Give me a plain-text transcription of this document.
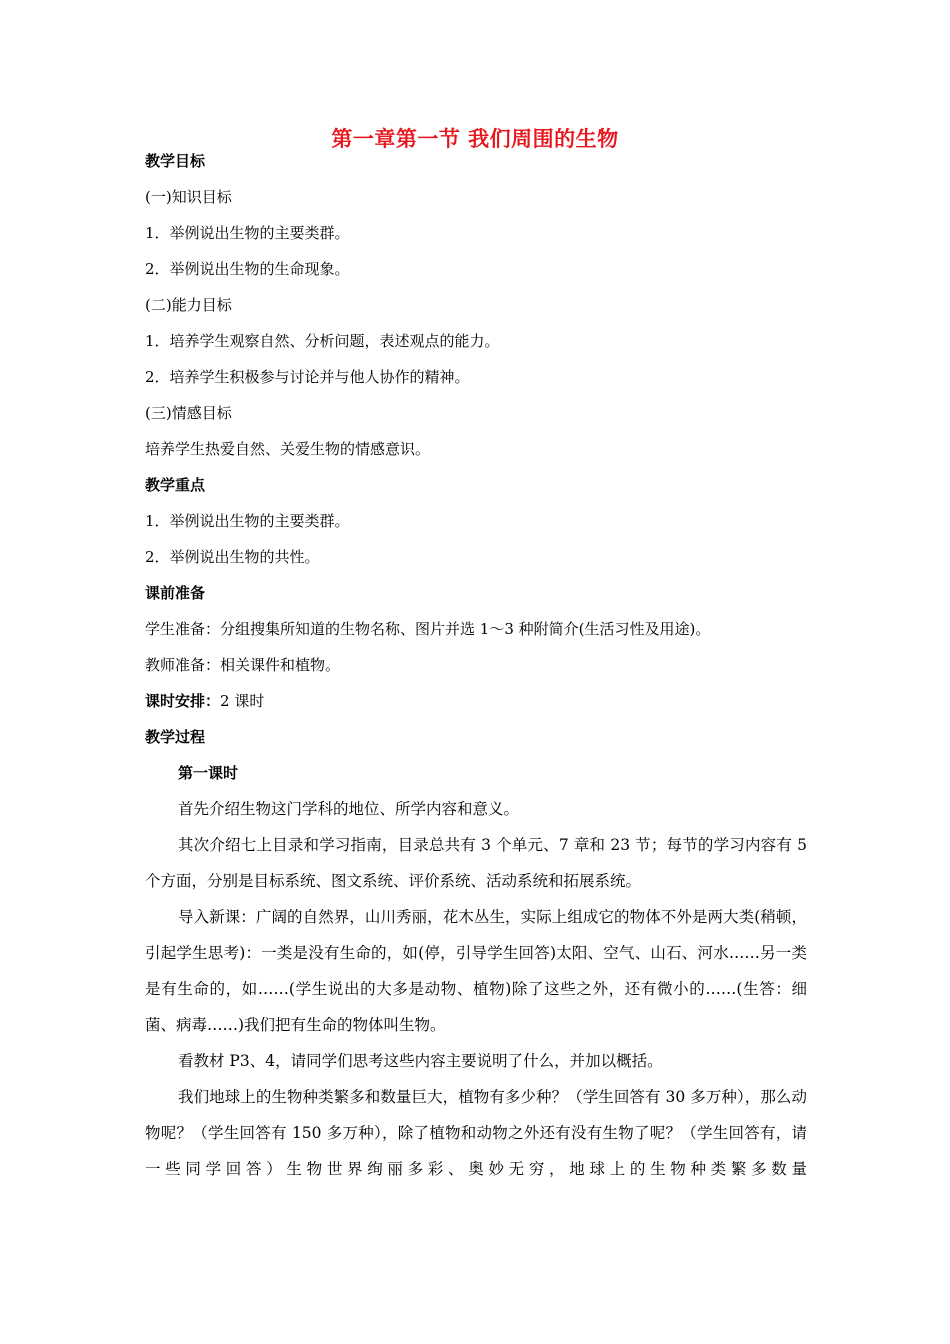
第一章第一节 我们周围的生物
教学目标
(一)知识目标
1．举例说出生物的主要类群。
2．举例说出生物的生命现象。
(二)能力目标
1．培养学生观察自然、分析问题，表述观点的能力。
2．培养学生积极参与讨论并与他人协作的精神。
(三)情感目标
培养学生热爱自然、关爱生物的情感意识。
教学重点
1．举例说出生物的主要类群。
2．举例说出生物的共性。
课前准备
学生准备：分组搜集所知道的生物名称、图片并选 1～3 种附简介(生活习性及用途)。
教师准备：相关课件和植物。
课时安排：2 课时
教学过程
第一课时
首先介绍生物这门学科的地位、所学内容和意义。
其次介绍七上目录和学习指南，目录总共有 3 个单元、7 章和 23 节；每节的学习内容有 5 个方面，分别是目标系统、图文系统、评价系统、活动系统和拓展系统。
导入新课：广阔的自然界，山川秀丽，花木丛生，实际上组成它的物体不外是两大类(稍顿，引起学生思考)：一类是没有生命的，如(停，引导学生回答)太阳、空气、山石、河水……另一类是有生命的，如……(学生说出的大多是动物、植物)除了这些之外，还有微小的……(生答：细菌、病毒……)我们把有生命的物体叫生物。
看教材 P3、4，请同学们思考这些内容主要说明了什么，并加以概括。
我们地球上的生物种类繁多和数量巨大，植物有多少种？（学生回答有 30 多万种），那么动物呢？（学生回答有 150 多万种），除了植物和动物之外还有没有生物了呢？（学生回答有，请一些同学回答）生物世界绚丽多彩、奥妙无穷，地球上的生物种类繁多数量
